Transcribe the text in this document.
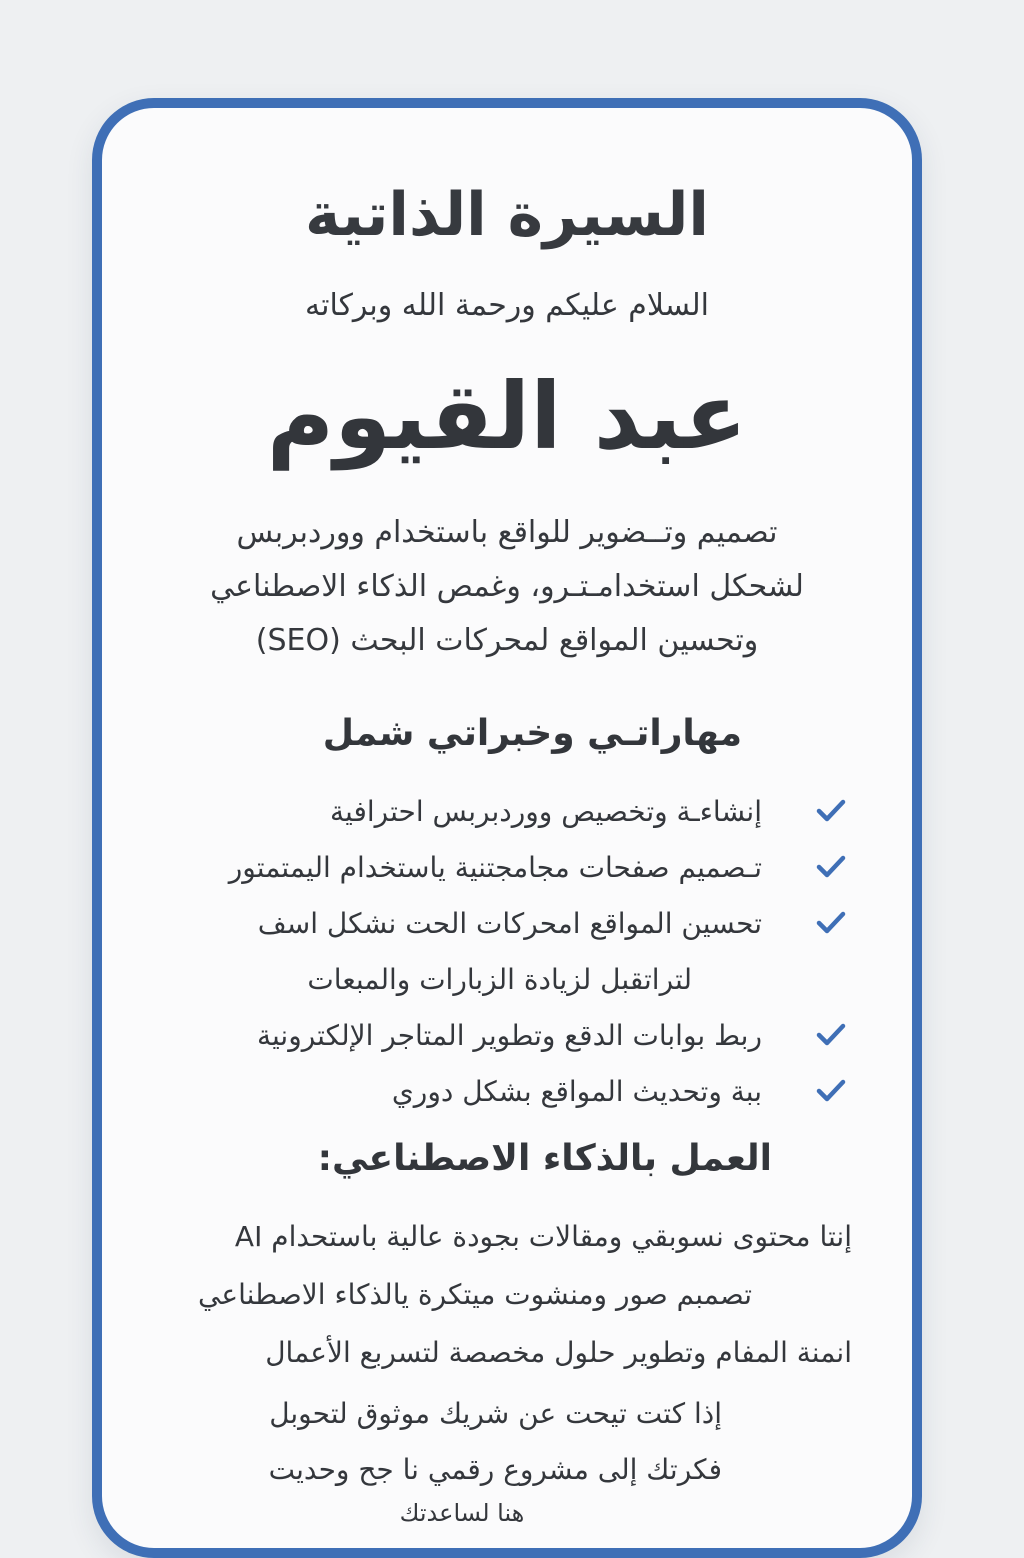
السيرة الذاتية
السلام عليكم ورحمة الله وبركاته
عبد القيوم
تصميم وتــضوير للواقع باستخدام ووردبربس
لشحكل استخدامـتـرو، وغمص الذكاء الاصطناعي
وتحسين المواقع لمحركات البحث (SEO)
مهاراتـي وخبراتي شمل
إنشاءـة وتخصيص ووردبربس احترافية
تـصميم صفحات مجامجتنية ياستخدام اليمتمتور
تحسين المواقع امحركات الحت نشكل اسف
لتراتقبل لزيادة الزبارات والمبعات
ربط بوابات الدقع وتطوير المتاجر الإلكترونية
ببة وتحديث المواقع بشكل دوري
العمل بالذكاء الاصطناعي:
إنتا محتوى نسوبقي ومقالات بجودة عالية باستحدام AI
تصمبم صور ومنشوت ميتكرة يالذكاء الاصطناعي
انمنة المفام وتطوير حلول مخصصة لتسربع الأعمال
إذا كتت تيحت عن شريك موثوق لتحوبل
فكرتك إلى مشروع رقمي نا جح وحديت
هنا لساعدتك
